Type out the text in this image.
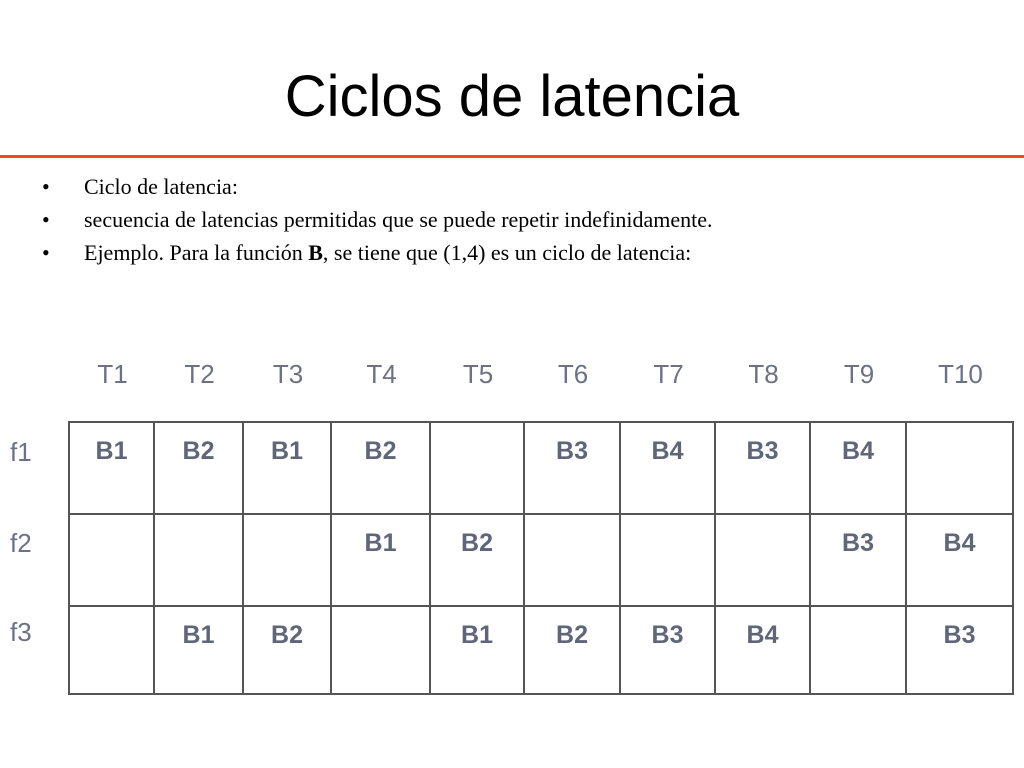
Ciclos de latencia
• Ciclo de latencia:
• secuencia de latencias permitidas que se puede repetir indefinidamente.
• Ejemplo. Para la función B, se tiene que (1,4) es un ciclo de latencia:
T1	T2	T3	T4	T5	T6	T7	T8	T9	T10
f1
f2
f3
B1	B2	B1	B2		B3	B4	B3	B4	

			B1	B2				B3	B4

	B1	B2		B1	B2	B3	B4		B3
